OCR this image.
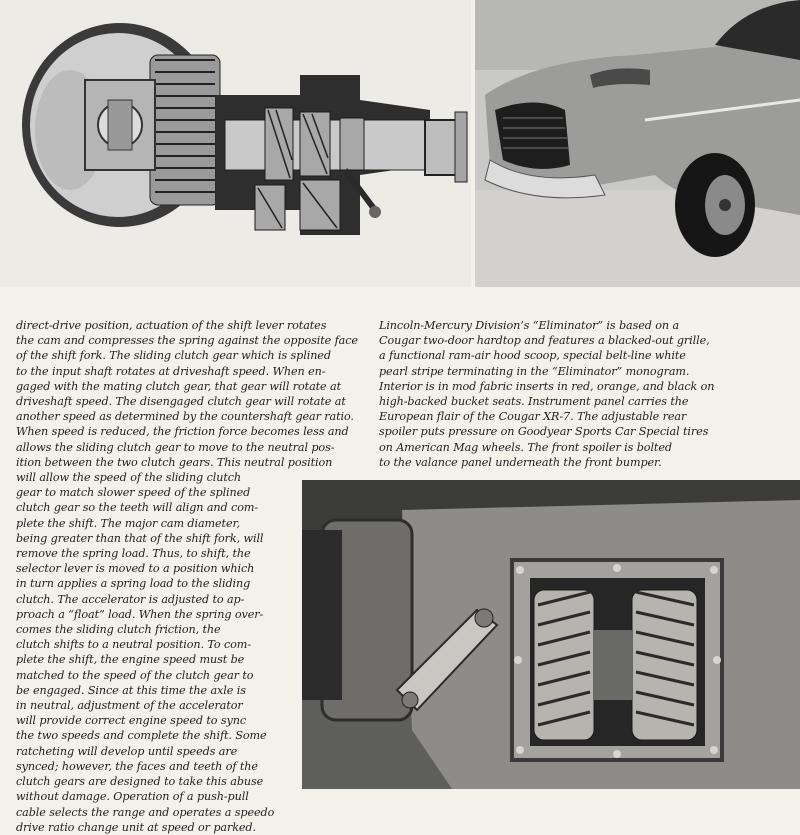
direct-drive position, actuation of the shift lever rotates
the cam and compresses the spring against the opposite face
of the shift fork. The sliding clutch gear which is splined
to the input shaft rotates at driveshaft speed. When en-
gaged with the mating clutch gear, that gear will rotate at
driveshaft speed. The disengaged clutch gear will rotate at
another speed as determined by the countershaft gear ratio.
When speed is reduced, the friction force becomes less and
allows the sliding clutch gear to move to the neutral pos-
ition between the two clutch gears. This neutral position
will allow the speed of the sliding clutch
gear to match slower speed of the splined
clutch gear so the teeth will align and com-
plete the shift. The major cam diameter,
being greater than that of the shift fork, will
remove the spring load. Thus, to shift, the
selector lever is moved to a position which
in turn applies a spring load to the sliding
clutch. The accelerator is adjusted to ap-
proach a “float” load. When the spring over-
comes the sliding clutch friction, the
clutch shifts to a neutral position. To com-
plete the shift, the engine speed must be
matched to the speed of the clutch gear to
be engaged. Since at this time the axle is
in neutral, adjustment of the accelerator
will provide correct engine speed to sync
the two speeds and complete the shift. Some
ratcheting will develop until speeds are
synced; however, the faces and teeth of the
clutch gears are designed to take this abuse
without damage. Operation of a push-pull
cable selects the range and operates a speedo
drive ratio change unit at speed or parked.
Lincoln-Mercury Division’s “Eliminator” is based on a
Cougar two-door hardtop and features a blacked-out grille,
a functional ram-air hood scoop, special belt-line white
pearl stripe terminating in the “Eliminator” monogram.
Interior is in mod fabric inserts in red, orange, and black on
high-backed bucket seats. Instrument panel carries the
European flair of the Cougar XR-7. The adjustable rear
spoiler puts pressure on Goodyear Sports Car Special tires
on American Mag wheels. The front spoiler is bolted
to the valance panel underneath the front bumper.
